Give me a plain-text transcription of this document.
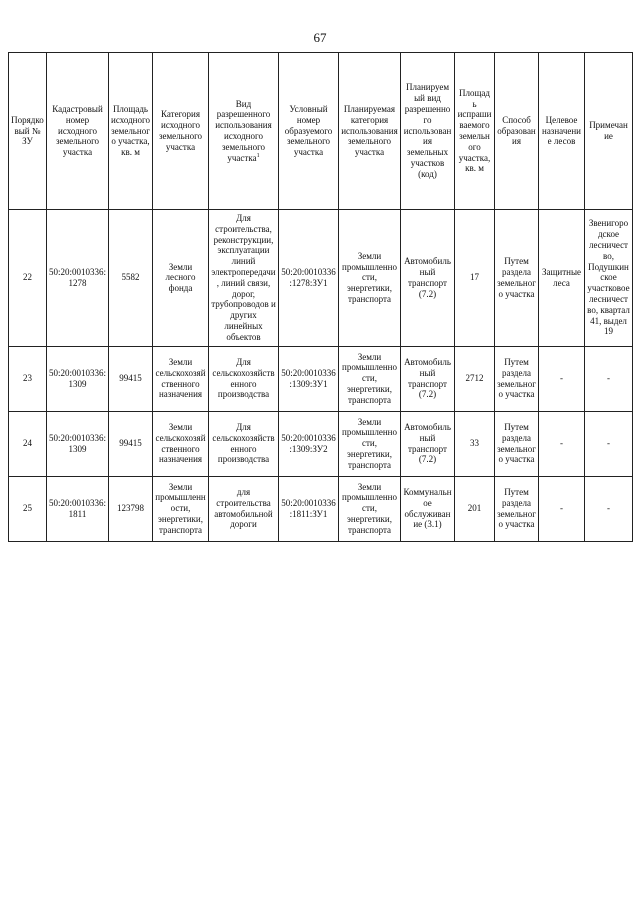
67
Порядковый № ЗУ	Кадастровый номер исходного земельного участка	Площадь исходного земельного участка, кв. м	Категория исходного земельного участка	Вид разрешенного использования исходного земельного участка$^1$	Условный номер образуемого земельного участка	Планируемая категория использования земельного участка	Планируемый вид разрешенного использования земельных участков (код)	Площадь испрашиваемого земельного участка, кв. м	Способ образования	Целевое назначение лесов	Примечание
22	50:20:0010336:1278	5582	Земли лесного фонда	Для строительства, реконструкции, эксплуатации линий электропередачи, линий связи, дорог, трубопроводов и других линейных объектов	50:20:0010336:1278:ЗУ1	Земли промышленности, энергетики, транспорта	Автомобильный транспорт (7.2)	17	Путем раздела земельного участка	Защитные леса	Звенигородское лесничество, Подушкинское участковое лесничество, квартал 41, выдел 19
23	50:20:0010336:1309	99415	Земли сельскохозяйственного назначения	Для сельскохозяйственного производства	50:20:0010336:1309:ЗУ1	Земли промышленности, энергетики, транспорта	Автомобильный транспорт (7.2)	2712	Путем раздела земельного участка	-	-
24	50:20:0010336:1309	99415	Земли сельскохозяйственного назначения	Для сельскохозяйственного производства	50:20:0010336:1309:ЗУ2	Земли промышленности, энергетики, транспорта	Автомобильный транспорт (7.2)	33	Путем раздела земельного участка	-	-
25	50:20:0010336:1811	123798	Земли промышленности, энергетики, транспорта	для строительства автомобильной дороги	50:20:0010336:1811:ЗУ1	Земли промышленности, энергетики, транспорта	Коммунальное обслуживание (3.1)	201	Путем раздела земельного участка	-	-
